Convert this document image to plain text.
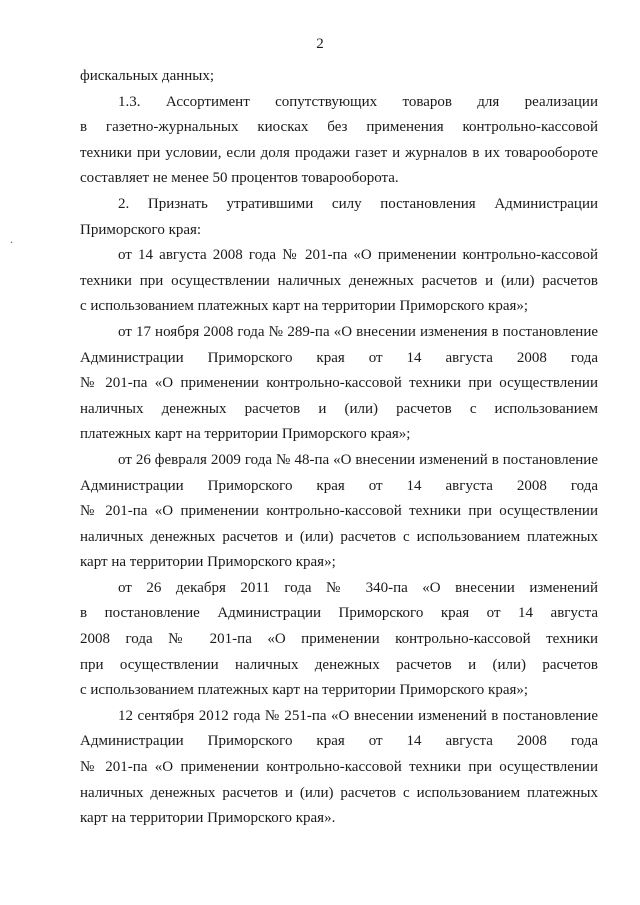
2
.

фискальных данных;

1.3. Ассортимент сопутствующих товаров для реализации

в газетно-журнальных киосках без применения контрольно-кассовой

техники при условии, если доля продажи газет и журналов в их товарообороте

составляет не менее 50 процентов товарооборота.

2. Признать утратившими силу постановления Администрации

Приморского края:

от 14 августа 2008 года № 201-па «О применении контрольно-кассовой

техники при осуществлении наличных денежных расчетов и (или) расчетов

с использованием платежных карт на территории Приморского края»;

от 17 ноября 2008 года № 289-па «О внесении изменения в постановление

Администрации Приморского края от 14 августа 2008 года

№ 201-па «О применении контрольно-кассовой техники при осуществлении

наличных денежных расчетов и (или) расчетов с использованием

платежных карт на территории Приморского края»;

от 26 февраля 2009 года № 48-па «О внесении изменений в постановление

Администрации Приморского края от 14 августа 2008 года

№ 201-па «О применении контрольно-кассовой техники при осуществлении

наличных денежных расчетов и (или) расчетов с использованием платежных

карт на территории Приморского края»;

от 26 декабря 2011 года № 340-па «О внесении изменений

в постановление Администрации Приморского края от 14 августа

2008 года № 201-па «О применении контрольно-кассовой техники

при осуществлении наличных денежных расчетов и (или) расчетов

с использованием платежных карт на территории Приморского края»;

12 сентября 2012 года № 251-па «О внесении изменений в постановление

Администрации Приморского края от 14 августа 2008 года

№ 201-па «О применении контрольно-кассовой техники при осуществлении

наличных денежных расчетов и (или) расчетов с использованием платежных

карт на территории Приморского края».
